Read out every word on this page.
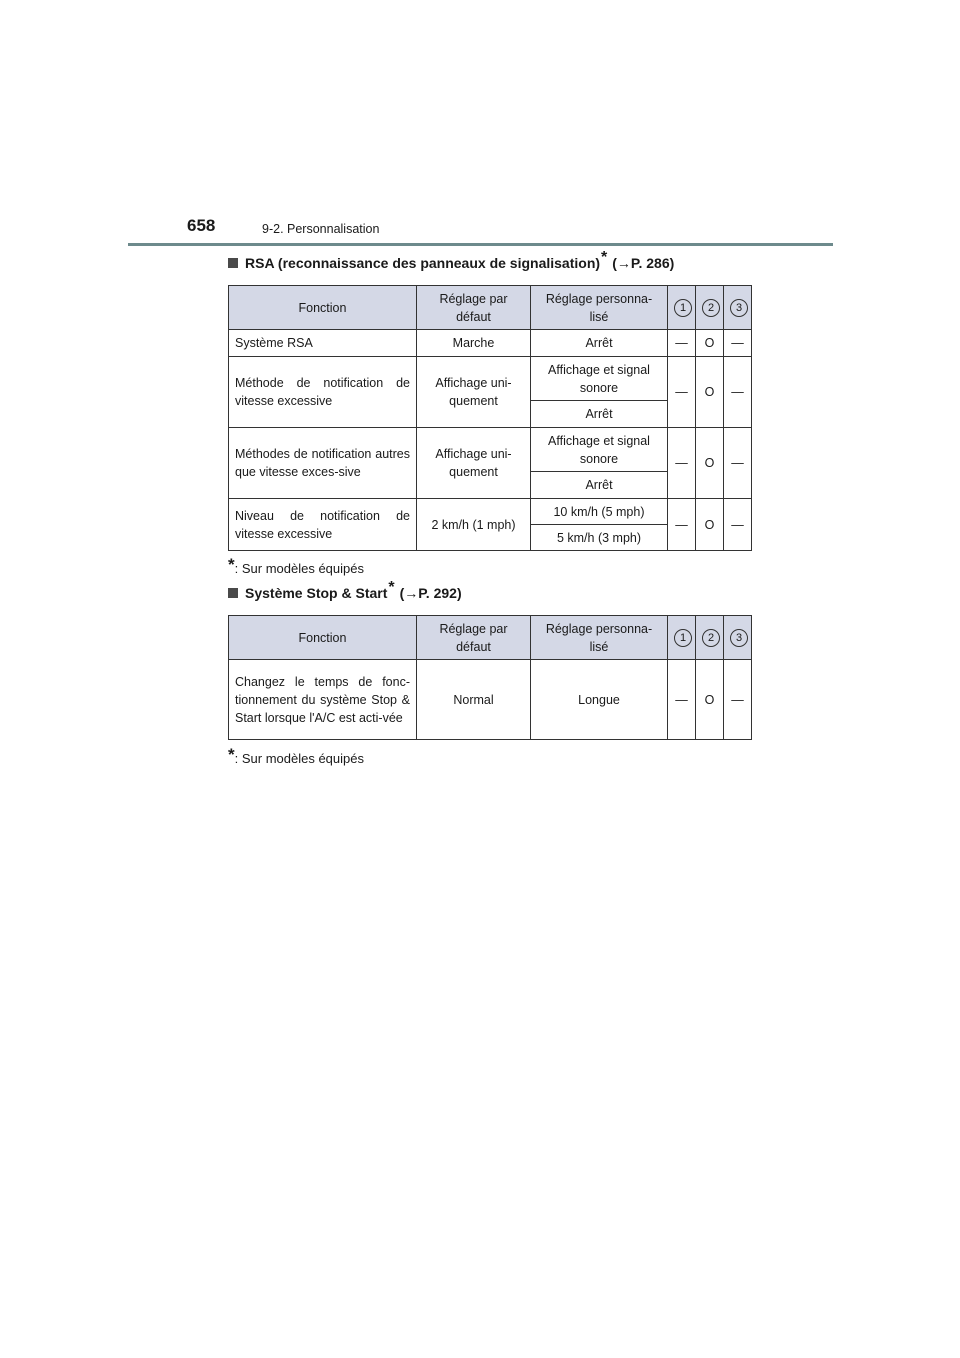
658	9-2. Personnalisation
RSA (reconnaissance des panneaux de signalisation) * (→P. 286)
Fonction	Réglage par défaut	Réglage personna-lisé	1	2	3
Système RSA	Marche	Arrêt	—	O	—
Méthode de notification de vitesse excessive	Affichage uni-quement	Affichage et signal sonore	—	O	—
		Arrêt			
Méthodes de notification autres que vitesse exces-sive	Affichage uni-quement	Affichage et signal sonore	—	O	—
		Arrêt			
Niveau de notification de vitesse excessive	2 km/h (1 mph)	10 km/h (5 mph)	—	O	—
		5 km/h (3 mph)			
* : Sur modèles équipés
Système Stop & Start * (→P. 292)
Fonction	Réglage par défaut	Réglage personna-lisé	1	2	3
Changez le temps de fonc-tionnement du système Stop & Start lorsque l'A/C est acti-vée	Normal	Longue	—	O	—
* : Sur modèles équipés
